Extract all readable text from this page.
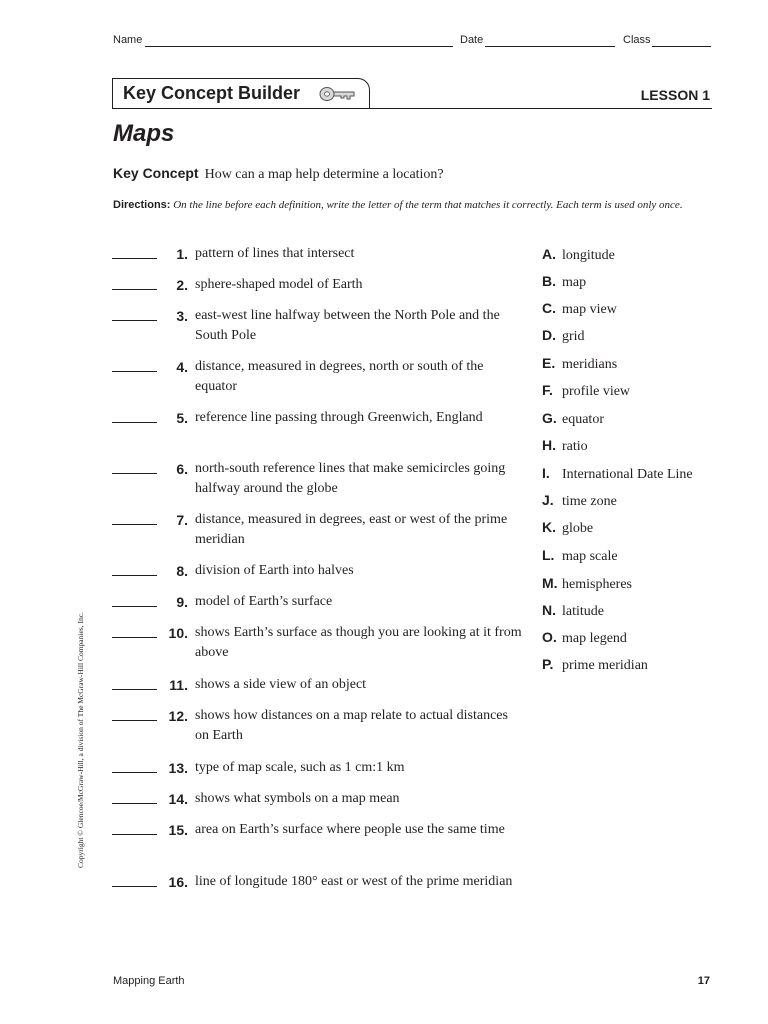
Name	Date	Class
Key Concept Builder	LESSON 1
Maps
Key Concept How can a map help determine a location?
Directions: On the line before each definition, write the letter of the term that matches it correctly. Each term is used only once.
1. pattern of lines that intersect
2. sphere-shaped model of Earth
3. east-west line halfway between the North Pole and the South Pole
4. distance, measured in degrees, north or south of the equator
5. reference line passing through Greenwich, England
6. north-south reference lines that make semicircles going halfway around the globe
7. distance, measured in degrees, east or west of the prime meridian
8. division of Earth into halves
9. model of Earth’s surface
10. shows Earth’s surface as though you are looking at it from above
11. shows a side view of an object
12. shows how distances on a map relate to actual distances on Earth
13. type of map scale, such as 1 cm:1 km
14. shows what symbols on a map mean
15. area on Earth’s surface where people use the same time
16. line of longitude 180° east or west of the prime meridian
A. longitude
B. map
C. map view
D. grid
E. meridians
F. profile view
G. equator
H. ratio
I. International Date Line
J. time zone
K. globe
L. map scale
M. hemispheres
N. latitude
O. map legend
P. prime meridian
Copyright © Glencoe/McGraw-Hill, a division of The McGraw-Hill Companies, Inc.
Mapping Earth	17
